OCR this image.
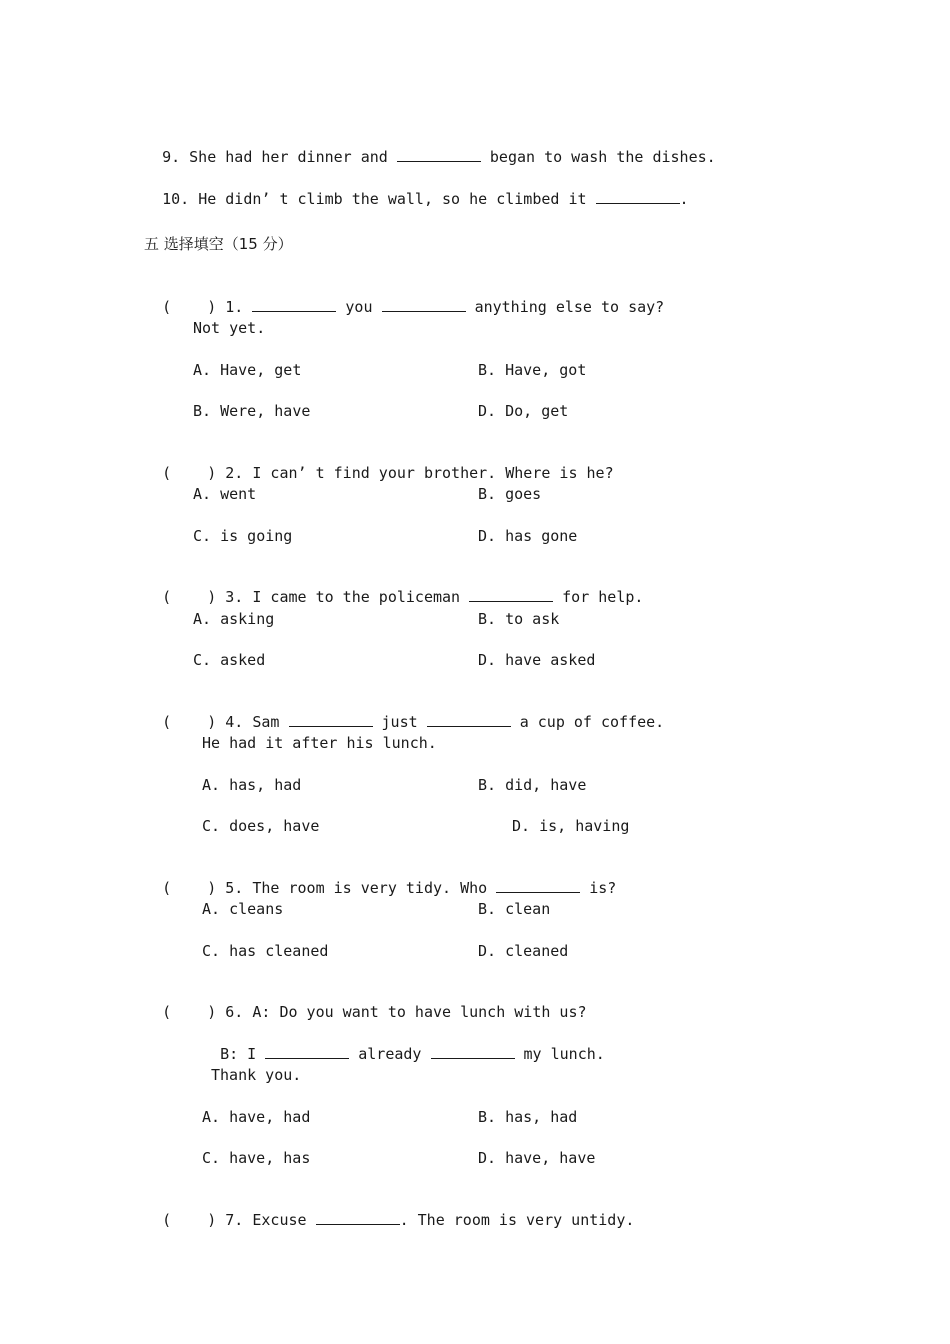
9. She had her dinner and	began to wash the dishes.

10. He didn’ t climb the wall, so he climbed it	.

五 选择填空（15 分）

(    ) 1.	you	anything else to say?

Not yet.
A. Have, get	B. Have, got
B. Were, have	D. Do, get

(    ) 2. I can’ t find your brother. Where is he?

A. went	B. goes
C. is going	D. has gone

(    ) 3. I came to the policeman	for help.

A. asking	B. to ask
C. asked	D. have asked

(    ) 4. Sam	just	a cup of coffee.

He had it after his lunch.
A. has, had	B. did, have
C. does, have	D. is, having

(    ) 5. The room is very tidy. Who	is?

A. cleans	B. clean
C. has cleaned	D. cleaned

(    ) 6. A: Do you want to have lunch with us?

B: I	already	my lunch.

Thank you.
A. have, had	B. has, had
C. have, has	D. have, have

(    ) 7. Excuse	. The room is very untidy.
